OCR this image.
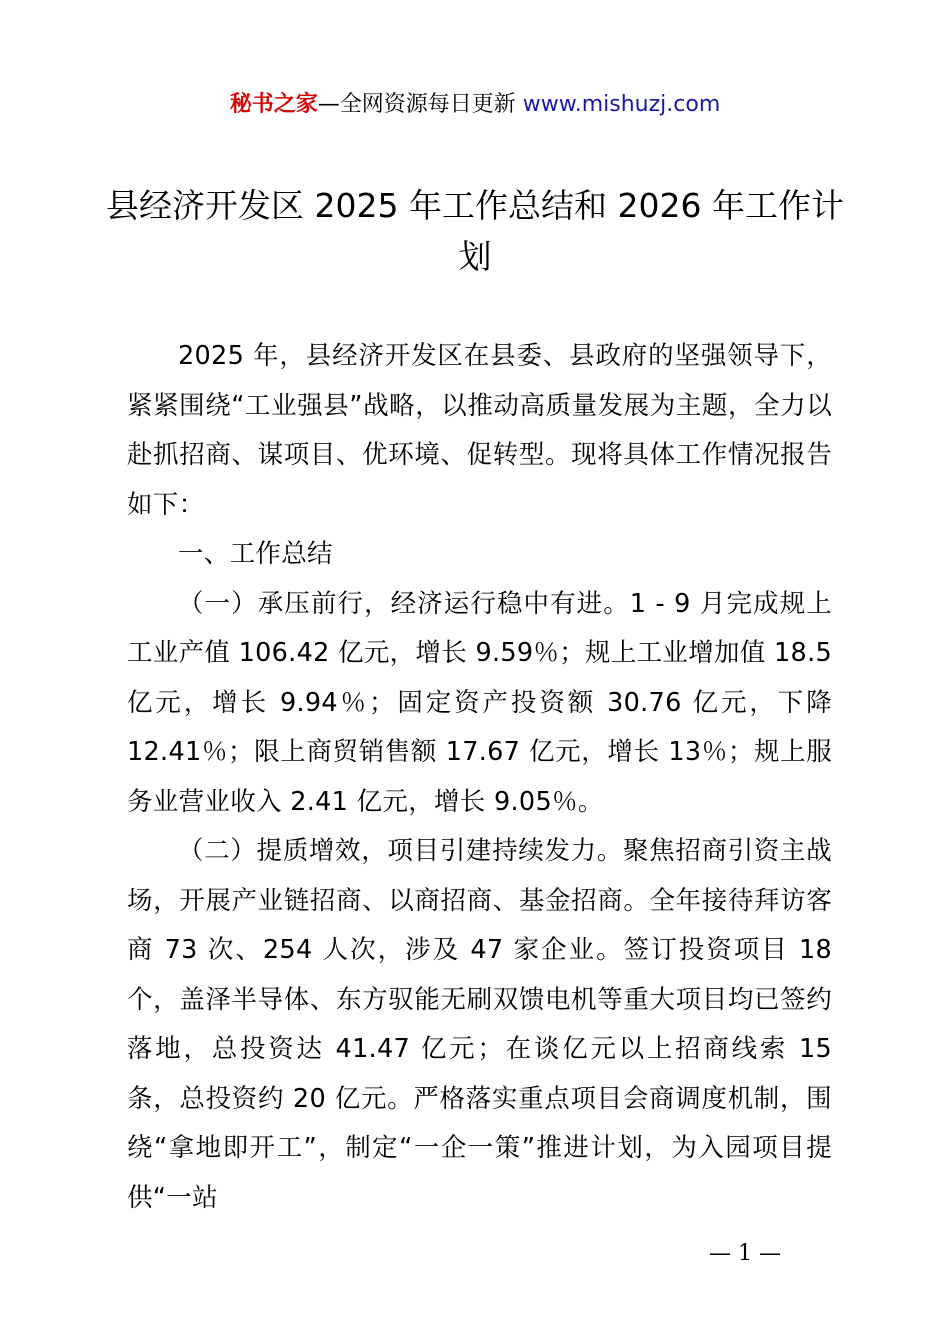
秘书之家—全网资源每日更新 www.mishuzj.com
县经济开发区 2025 年工作总结和 2026 年工作计划

2025 年，县经济开发区在县委、县政府的坚强领导下，紧紧围绕“工业强县”战略，以推动高质量发展为主题，全力以赴抓招商、谋项目、优环境、促转型。现将具体工作情况报告如下：

一、工作总结

（一）承压前行，经济运行稳中有进。1 - 9 月完成规上工业产值 106.42 亿元，增长 9.59％；规上工业增加值 18.5 亿元，增长 9.94％；固定资产投资额 30.76 亿元，下降 12.41％；限上商贸销售额 17.67 亿元，增长 13％；规上服务业营业收入 2.41 亿元，增长 9.05％。

（二）提质增效，项目引建持续发力。聚焦招商引资主战场，开展产业链招商、以商招商、基金招商。全年接待拜访客商 73 次、254 人次，涉及 47 家企业。签订投资项目 18 个，盖泽半导体、东方驭能无刷双馈电机等重大项目均已签约落地，总投资达 41.47 亿元；在谈亿元以上招商线索 15 条，总投资约 20 亿元。严格落实重点项目会商调度机制，围绕“拿地即开工”，制定“一企一策”推进计划，为入园项目提供“一站

— 1 —
